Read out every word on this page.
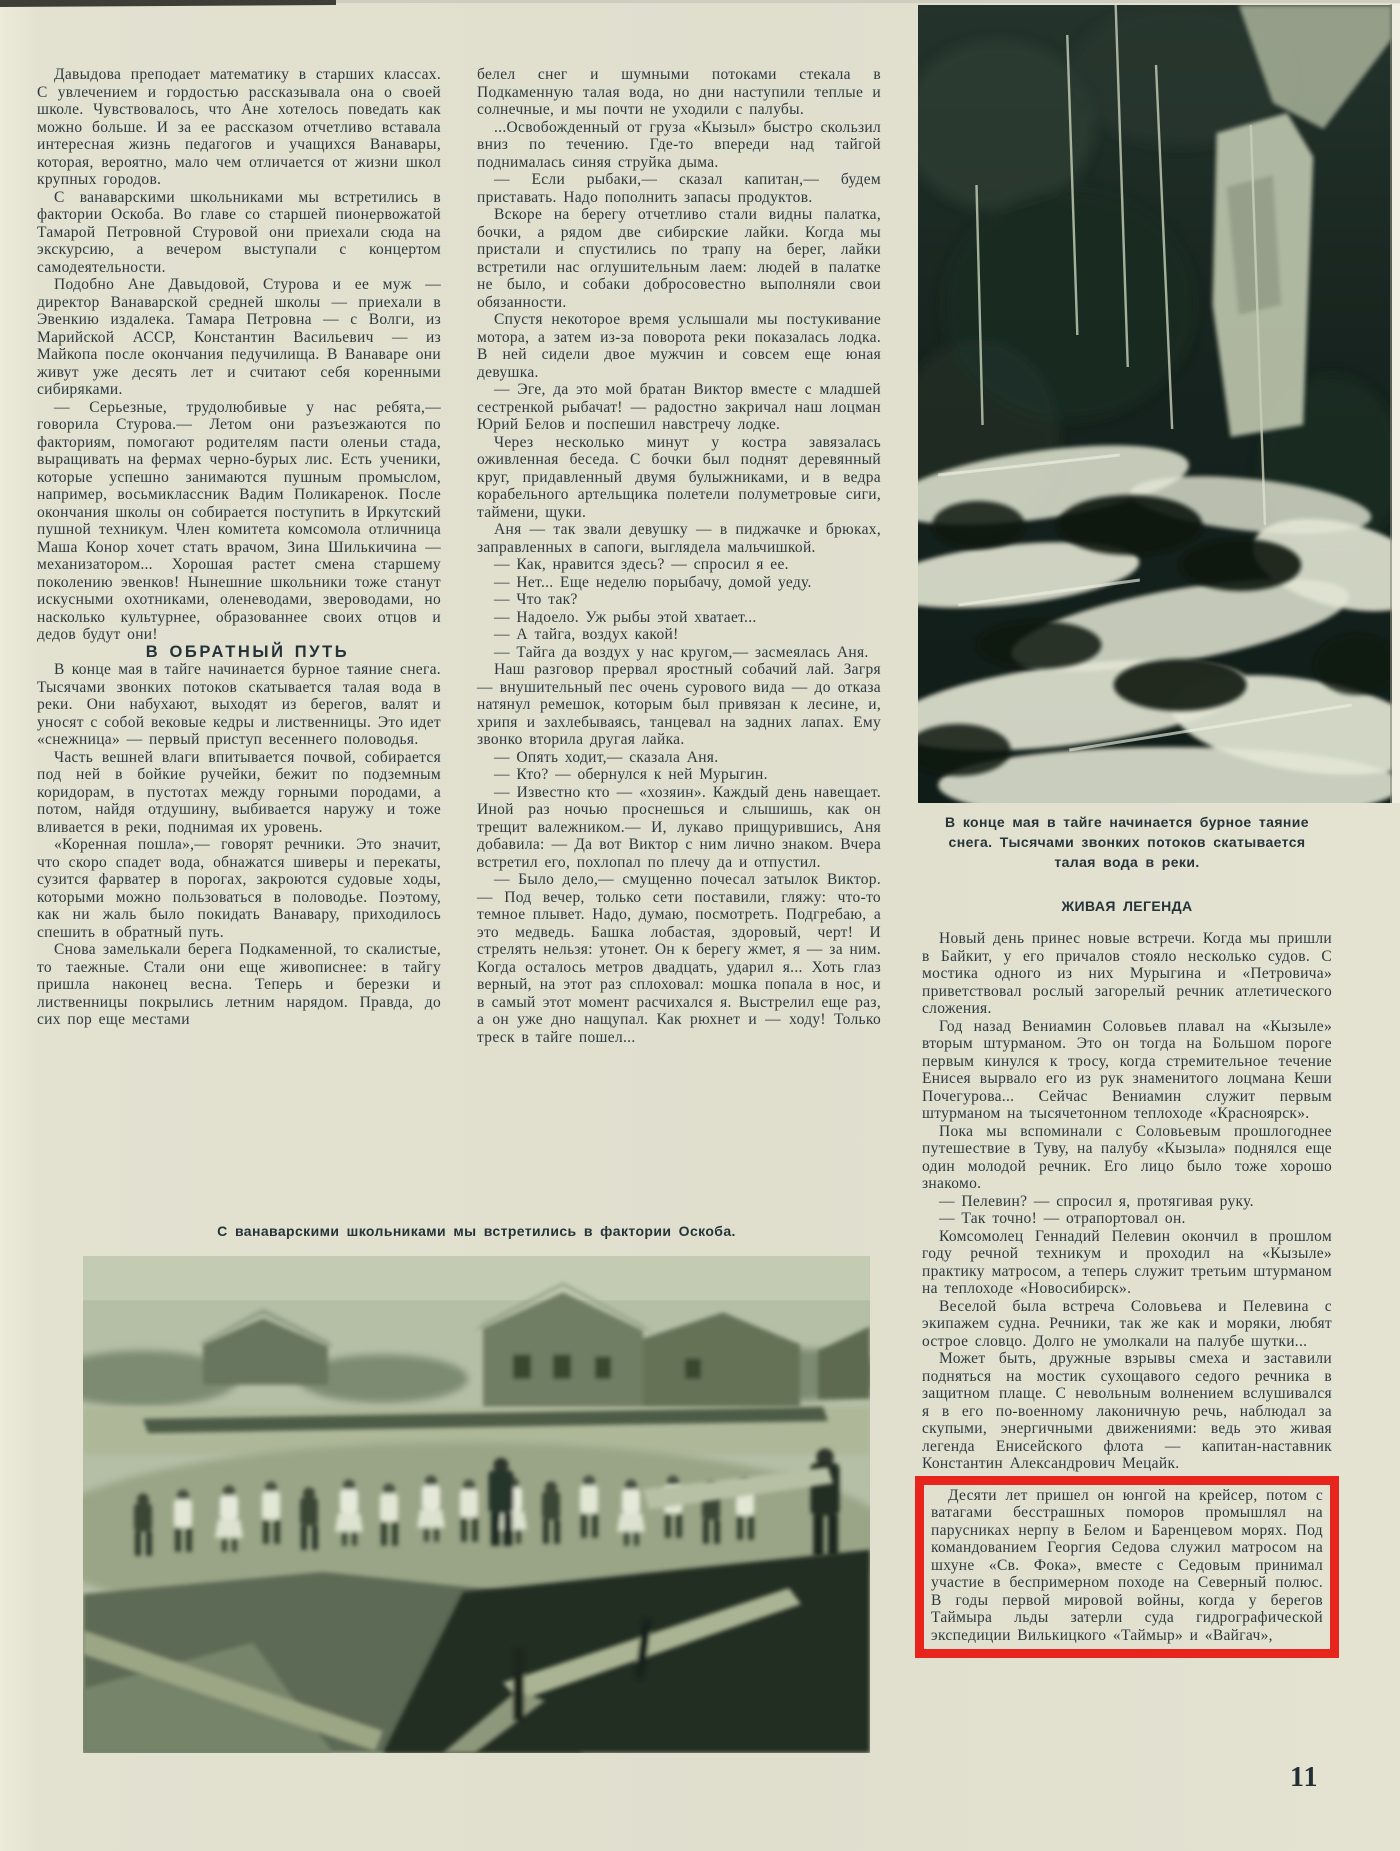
Давыдова преподает математику в старших классах. С увлечением и гордостью рассказывала она о своей школе. Чувствовалось, что Ане хотелось поведать как можно больше. И за ее рассказом отчетливо вставала интересная жизнь педагогов и учащихся Ванавары, которая, вероятно, мало чем отличается от жизни школ крупных городов.

С ванаварскими школьниками мы встретились в фактории Оскоба. Во главе со старшей пионервожатой Тамарой Петровной Стуровой они приехали сюда на экскурсию, а вечером выступали с концертом самодеятельности.

Подобно Ане Давыдовой, Стурова и ее муж — директор Ванаварской средней школы — приехали в Эвенкию издалека. Тамара Петровна — с Волги, из Марийской АССР, Константин Васильевич — из Майкопа после окончания педучилища. В Ванаваре они живут уже десять лет и считают себя коренными сибиряками.

— Серьезные, трудолюбивые у нас ребята,— говорила Стурова.— Летом они разъезжаются по факториям, помогают родителям пасти оленьи стада, выращивать на фермах черно-бурых лис. Есть ученики, которые успешно занимаются пушным промыслом, например, восьмиклассник Вадим Поликаренок. После окончания школы он собирается поступить в Иркутский пушной техникум. Член комитета комсомола отличница Маша Конор хочет стать врачом, Зина Шилькичина — механизатором... Хорошая растет смена старшему поколению эвенков! Нынешние школьники тоже станут искусными охотниками, оленеводами, звероводами, но насколько культурнее, образованнее своих отцов и дедов будут они!

В ОБРАТНЫЙ ПУТЬ

В конце мая в тайге начинается бурное таяние снега. Тысячами звонких потоков скатывается талая вода в реки. Они набухают, выходят из берегов, валят и уносят с собой вековые кедры и лиственницы. Это идет «снежница» — первый приступ весеннего половодья.

Часть вешней влаги впитывается почвой, собирается под ней в бойкие ручейки, бежит по подземным коридорам, в пустотах между горными породами, а потом, найдя отдушину, выбивается наружу и тоже вливается в реки, поднимая их уровень.

«Коренная пошла»,— говорят речники. Это значит, что скоро спадет вода, обнажатся шиверы и перекаты, сузится фарватер в порогах, закроются судовые ходы, которыми можно пользоваться в половодье. Поэтому, как ни жаль было покидать Ванавару, приходилось спешить в обратный путь.

Снова замелькали берега Подкаменной, то скалистые, то таежные. Стали они еще живописнее: в тайгу пришла наконец весна. Теперь и березки и лиственницы покрылись летним нарядом. Правда, до сих пор еще местами

белел снег и шумными потоками стекала в Подкаменную талая вода, но дни наступили теплые и солнечные, и мы почти не уходили с палубы.

...Освобожденный от груза «Кызыл» быстро скользил вниз по течению. Где-то впереди над тайгой поднималась синяя струйка дыма.

— Если рыбаки,— сказал капитан,— будем приставать. Надо пополнить запасы продуктов.

Вскоре на берегу отчетливо стали видны палатка, бочки, а рядом две сибирские лайки. Когда мы пристали и спустились по трапу на берег, лайки встретили нас оглушительным лаем: людей в палатке не было, и собаки добросовестно выполняли свои обязанности.

Спустя некоторое время услышали мы постукивание мотора, а затем из-за поворота реки показалась лодка. В ней сидели двое мужчин и совсем еще юная девушка.

— Эге, да это мой братан Виктор вместе с младшей сестренкой рыбачат! — радостно закричал наш лоцман Юрий Белов и поспешил навстречу лодке.

Через несколько минут у костра завязалась оживленная беседа. С бочки был поднят деревянный круг, придавленный двумя булыжниками, и в ведра корабельного артельщика полетели полуметровые сиги, таймени, щуки.

Аня — так звали девушку — в пиджачке и брюках, заправленных в сапоги, выглядела мальчишкой.

— Как, нравится здесь? — спросил я ее.

— Нет... Еще неделю порыбачу, домой уеду.

— Что так?

— Надоело. Уж рыбы этой хватает...

— А тайга, воздух какой!

— Тайга да воздух у нас кругом,— засмеялась Аня.

Наш разговор прервал яростный собачий лай. Загря — внушительный пес очень сурового вида — до отказа натянул ремешок, которым был привязан к лесине, и, хрипя и захлебываясь, танцевал на задних лапах. Ему звонко вторила другая лайка.

— Опять ходит,— сказала Аня.

— Кто? — обернулся к ней Мурыгин.

— Известно кто — «хозяин». Каждый день навещает. Иной раз ночью проснешься и слышишь, как он трещит валежником.— И, лукаво прищурившись, Аня добавила: — Да вот Виктор с ним лично знаком. Вчера встретил его, похлопал по плечу да и отпустил.

— Было дело,— смущенно почесал затылок Виктор.— Под вечер, только сети поставили, гляжу: что-то темное плывет. Надо, думаю, посмотреть. Подгребаю, а это медведь. Башка лобастая, здоровый, черт! И стрелять нельзя: утонет. Он к берегу жмет, я — за ним. Когда осталось метров двадцать, ударил я... Хоть глаз верный, на этот раз сплоховал: мошка попала в нос, и в самый этот момент расчихался я. Выстрелил еще раз, а он уже дно нащупал. Как рюхнет и — ходу! Только треск в тайге пошел...

В конце мая в тайге начинается бурное таяние снега. Тысячами звонких потоков скатывается талая вода в реки.
ЖИВАЯ ЛЕГЕНДА

Новый день принес новые встречи. Когда мы пришли в Байкит, у его причалов стояло несколько судов. С мостика одного из них Мурыгина и «Петровича» приветствовал рослый загорелый речник атлетического сложения.

Год назад Вениамин Соловьев плавал на «Кызыле» вторым штурманом. Это он тогда на Большом пороге первым кинулся к тросу, когда стремительное течение Енисея вырвало его из рук знаменитого лоцмана Кеши Почегурова... Сейчас Вениамин служит первым штурманом на тысячетонном теплоходе «Красноярск».

Пока мы вспоминали с Соловьевым прошлогоднее путешествие в Туву, на палубу «Кызыла» поднялся еще один молодой речник. Его лицо было тоже хорошо знакомо.

— Пелевин? — спросил я, протягивая руку.

— Так точно! — отрапортовал он.

Комсомолец Геннадий Пелевин окончил в прошлом году речной техникум и проходил на «Кызыле» практику матросом, а теперь служит третьим штурманом на теплоходе «Новосибирск».

Веселой была встреча Соловьева и Пелевина с экипажем судна. Речники, так же как и моряки, любят острое словцо. Долго не умолкали на палубе шутки...

Может быть, дружные взрывы смеха и заставили подняться на мостик сухощавого седого речника в защитном плаще. С невольным волнением вслушивался я в его по-военному лаконичную речь, наблюдал за скупыми, энергичными движениями: ведь это живая легенда Енисейского флота — капитан-наставник Константин Александрович Мецайк.

Десяти лет пришел он юнгой на крейсер, потом с ватагами бесстрашных поморов промышлял на парусниках нерпу в Белом и Баренцевом морях. Под командованием Георгия Седова служил матросом на шхуне «Св. Фока», вместе с Седовым принимал участие в беспримерном походе на Северный полюс. В годы первой мировой войны, когда у берегов Таймыра льды затерли суда гидрографической экспедиции Вилькицкого «Таймыр» и «Вайгач»,

С ванаварскими школьниками мы встретились в фактории Оскоба.
11
